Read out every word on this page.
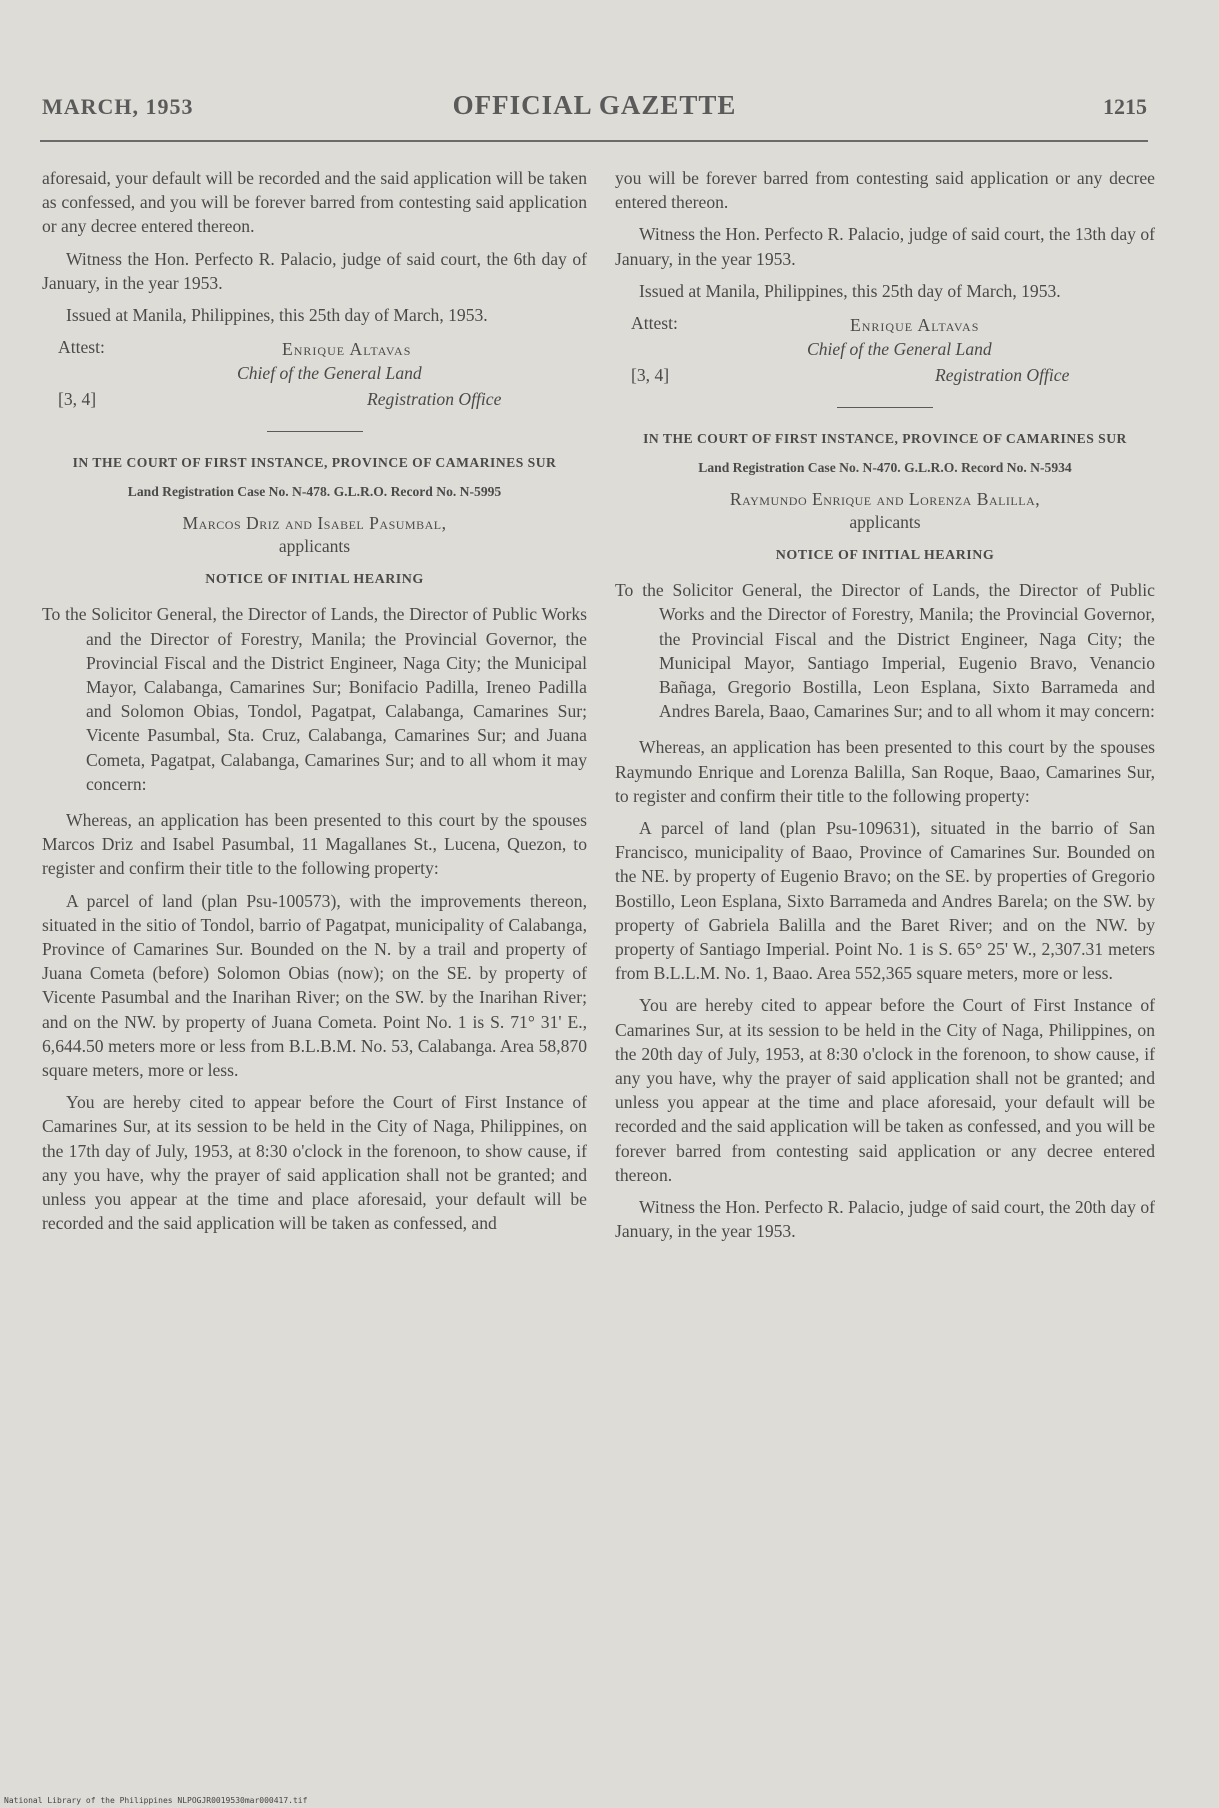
MARCH, 1953	OFFICIAL GAZETTE	1215

aforesaid, your default will be recorded and the said application will be taken as confessed, and you will be forever barred from contesting said application or any decree entered thereon.

Witness the Hon. Perfecto R. Palacio, judge of said court, the 6th day of January, in the year 1953.

Issued at Manila, Philippines, this 25th day of March, 1953.

Attest:	Enrique Altavas
Chief of the General Land
[3, 4]	Registration Office
IN THE COURT OF FIRST INSTANCE, PROVINCE OF CAMARINES SUR
Land Registration Case No. N-478. G.L.R.O. Record No. N-5995
Marcos Driz and Isabel Pasumbal,
applicants
NOTICE OF INITIAL HEARING

To the Solicitor General, the Director of Lands, the Director of Public Works and the Director of Forestry, Manila; the Provincial Governor, the Provincial Fiscal and the District Engineer, Naga City; the Municipal Mayor, Calabanga, Camarines Sur; Bonifacio Padilla, Ireneo Padilla and Solomon Obias, Tondol, Pagatpat, Calabanga, Camarines Sur; Vicente Pasumbal, Sta. Cruz, Calabanga, Camarines Sur; and Juana Cometa, Pagatpat, Calabanga, Camarines Sur; and to all whom it may concern:

Whereas, an application has been presented to this court by the spouses Marcos Driz and Isabel Pasumbal, 11 Magallanes St., Lucena, Quezon, to register and confirm their title to the following property:

A parcel of land (plan Psu-100573), with the improvements thereon, situated in the sitio of Tondol, barrio of Pagatpat, municipality of Calabanga, Province of Camarines Sur. Bounded on the N. by a trail and property of Juana Cometa (before) Solomon Obias (now); on the SE. by property of Vicente Pasumbal and the Inarihan River; on the SW. by the Inarihan River; and on the NW. by property of Juana Cometa. Point No. 1 is S. 71° 31' E., 6,644.50 meters more or less from B.L.B.M. No. 53, Calabanga. Area 58,870 square meters, more or less.

You are hereby cited to appear before the Court of First Instance of Camarines Sur, at its session to be held in the City of Naga, Philippines, on the 17th day of July, 1953, at 8:30 o'clock in the forenoon, to show cause, if any you have, why the prayer of said application shall not be granted; and unless you appear at the time and place aforesaid, your default will be recorded and the said application will be taken as confessed, and

you will be forever barred from contesting said application or any decree entered thereon.

Witness the Hon. Perfecto R. Palacio, judge of said court, the 13th day of January, in the year 1953.

Issued at Manila, Philippines, this 25th day of March, 1953.

Attest:	Enrique Altavas
Chief of the General Land
[3, 4]	Registration Office
IN THE COURT OF FIRST INSTANCE, PROVINCE OF CAMARINES SUR
Land Registration Case No. N-470. G.L.R.O. Record No. N-5934
Raymundo Enrique and Lorenza Balilla,
applicants
NOTICE OF INITIAL HEARING

To the Solicitor General, the Director of Lands, the Director of Public Works and the Director of Forestry, Manila; the Provincial Governor, the Provincial Fiscal and the District Engineer, Naga City; the Municipal Mayor, Santiago Imperial, Eugenio Bravo, Venancio Bañaga, Gregorio Bostilla, Leon Esplana, Sixto Barrameda and Andres Barela, Baao, Camarines Sur; and to all whom it may concern:

Whereas, an application has been presented to this court by the spouses Raymundo Enrique and Lorenza Balilla, San Roque, Baao, Camarines Sur, to register and confirm their title to the following property:

A parcel of land (plan Psu-109631), situated in the barrio of San Francisco, municipality of Baao, Province of Camarines Sur. Bounded on the NE. by property of Eugenio Bravo; on the SE. by properties of Gregorio Bostillo, Leon Esplana, Sixto Barrameda and Andres Barela; on the SW. by property of Gabriela Balilla and the Baret River; and on the NW. by property of Santiago Imperial. Point No. 1 is S. 65° 25' W., 2,307.31 meters from B.L.L.M. No. 1, Baao. Area 552,365 square meters, more or less.

You are hereby cited to appear before the Court of First Instance of Camarines Sur, at its session to be held in the City of Naga, Philippines, on the 20th day of July, 1953, at 8:30 o'clock in the forenoon, to show cause, if any you have, why the prayer of said application shall not be granted; and unless you appear at the time and place aforesaid, your default will be recorded and the said application will be taken as confessed, and you will be forever barred from contesting said application or any decree entered thereon.

Witness the Hon. Perfecto R. Palacio, judge of said court, the 20th day of January, in the year 1953.

National Library of the Philippines NLPOGJR0019530mar000417.tif
